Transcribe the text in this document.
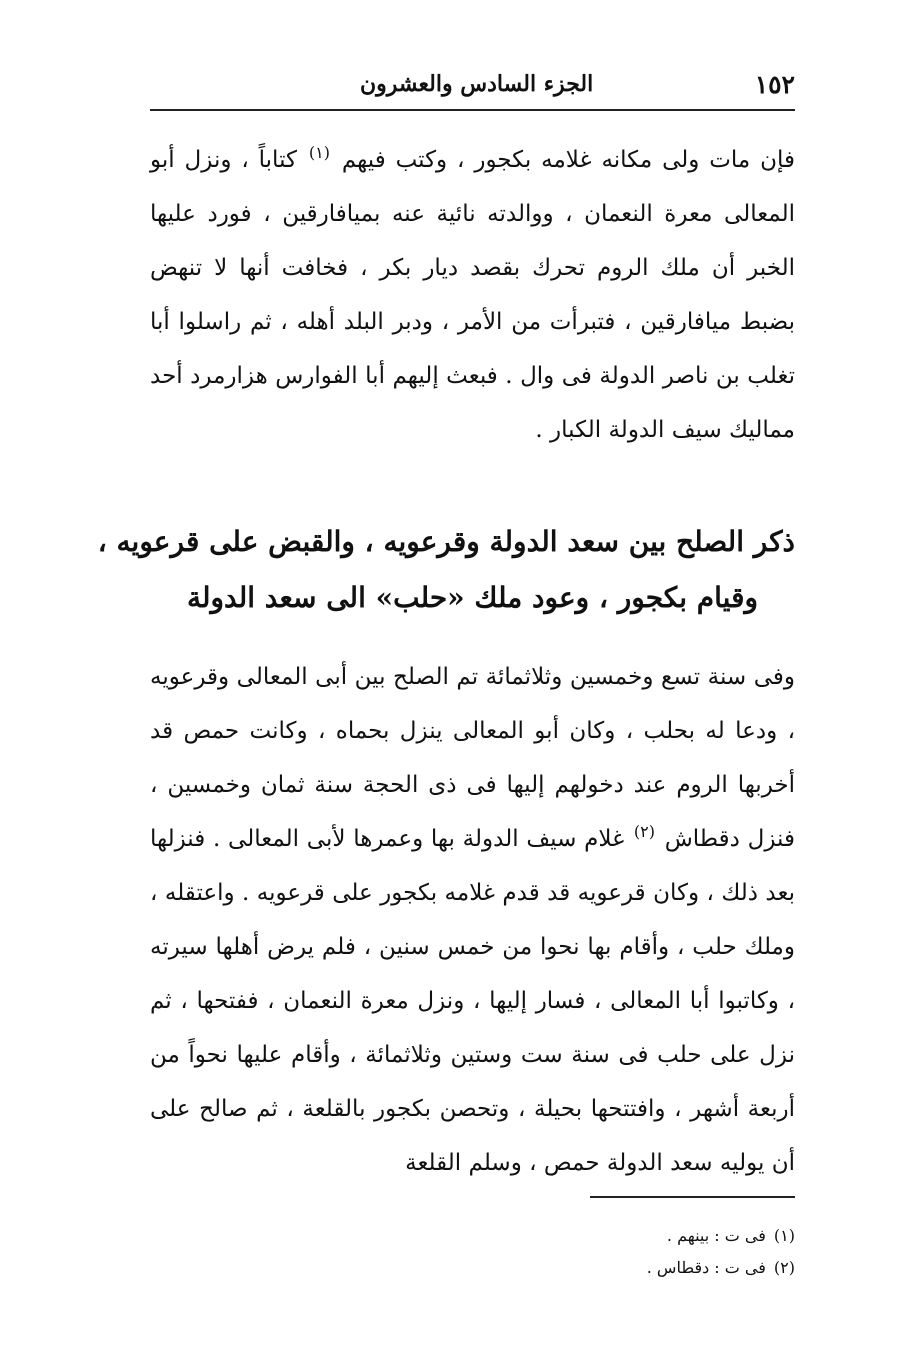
١٥٢
الجزء السادس والعشرون
فإن مات ولى مكانه غلامه بكجور ، وكتب فيهم $^{(١)}$ كتاباً ، ونزل أبو المعالى معرة النعمان ، ووالدته نائية عنه بميافارقين ، فورد عليها الخبر أن ملك الروم تحرك بقصد ديار بكر ، فخافت أنها لا تنهض بضبط ميافارقين ، فتبرأت من الأمر ، ودبر البلد أهله ، ثم راسلوا أبا تغلب بن ناصر الدولة فى وال . فبعث إليهم أبا الفوارس هزارمرد أحد مماليك سيف الدولة الكبار .
ذكر الصلح بين سعد الدولة وقرعويه ، والقبض على قرعويه ،
وقيام بكجور ، وعود ملك «حلب» الى سعد الدولة
وفى سنة تسع وخمسين وثلاثمائة تم الصلح بين أبى المعالى وقرعويه ، ودعا له بحلب ، وكان أبو المعالى ينزل بحماه ، وكانت حمص قد أخربها الروم عند دخولهم إليها فى ذى الحجة سنة ثمان وخمسين ، فنزل دقطاش $^{(٢)}$ غلام سيف الدولة بها وعمرها لأبى المعالى . فنزلها بعد ذلك ، وكان قرعويه قد قدم غلامه بكجور على قرعويه . واعتقله ، وملك حلب ، وأقام بها نحوا من خمس سنين ، فلم يرض أهلها سيرته ، وكاتبوا أبا المعالى ، فسار إليها ، ونزل معرة النعمان ، ففتحها ، ثم نزل على حلب فى سنة ست وستين وثلاثمائة ، وأقام عليها نحواً من أربعة أشهر ، وافتتحها بحيلة ، وتحصن بكجور بالقلعة ، ثم صالح على أن يوليه سعد الدولة حمص ، وسلم القلعة
(١)
فى ت : بينهم .
(٢)
فى ت : دقطاس .
